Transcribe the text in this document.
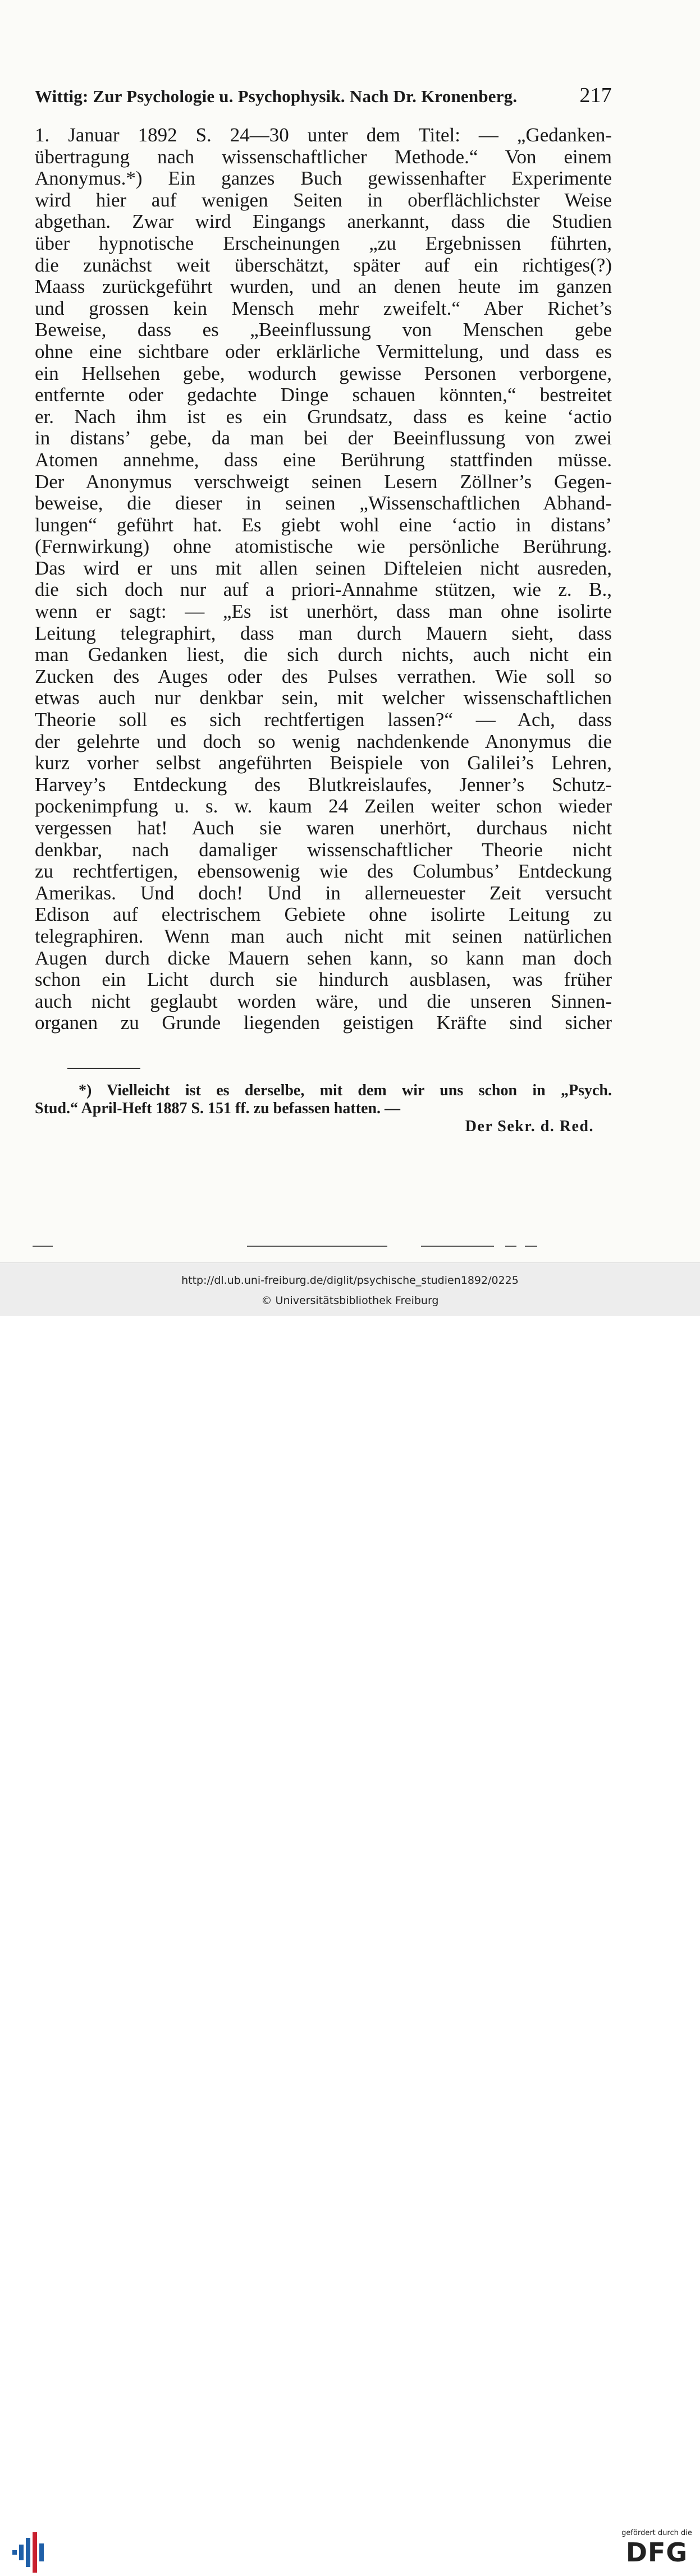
Wittig: Zur Psychologie u. Psychophysik. Nach Dr. Kronenberg.	217
1. Januar 1892 S. 24—30 unter dem Titel: — „Gedanken-
übertragung nach wissenschaftlicher Methode.“ Von einem
Anonymus.*) Ein ganzes Buch gewissenhafter Experimente
wird hier auf wenigen Seiten in oberflächlichster Weise
abgethan. Zwar wird Eingangs anerkannt, dass die Studien
über hypnotische Erscheinungen „zu Ergebnissen führten,
die zunächst weit überschätzt, später auf ein richtiges(?)
Maass zurückgeführt wurden, und an denen heute im ganzen
und grossen kein Mensch mehr zweifelt.“ Aber Richet’s
Beweise, dass es „Beeinflussung von Menschen gebe
ohne eine sichtbare oder erklärliche Vermittelung, und dass es
ein Hellsehen gebe, wodurch gewisse Personen verborgene,
entfernte oder gedachte Dinge schauen könnten,“ bestreitet
er. Nach ihm ist es ein Grundsatz, dass es keine ‘actio
in distans’ gebe, da man bei der Beeinflussung von zwei
Atomen annehme, dass eine Berührung stattfinden müsse.
Der Anonymus verschweigt seinen Lesern Zöllner’s Gegen-
beweise, die dieser in seinen „Wissenschaftlichen Abhand-
lungen“ geführt hat. Es giebt wohl eine ‘actio in distans’
(Fernwirkung) ohne atomistische wie persönliche Berührung.
Das wird er uns mit allen seinen Difteleien nicht ausreden,
die sich doch nur auf a priori-Annahme stützen, wie z. B.,
wenn er sagt: — „Es ist unerhört, dass man ohne isolirte
Leitung telegraphirt, dass man durch Mauern sieht, dass
man Gedanken liest, die sich durch nichts, auch nicht ein
Zucken des Auges oder des Pulses verrathen. Wie soll so
etwas auch nur denkbar sein, mit welcher wissenschaftlichen
Theorie soll es sich rechtfertigen lassen?“ — Ach, dass
der gelehrte und doch so wenig nachdenkende Anonymus die
kurz vorher selbst angeführten Beispiele von Galilei’s Lehren,
Harvey’s Entdeckung des Blutkreislaufes, Jenner’s Schutz-
pockenimpfung u. s. w. kaum 24 Zeilen weiter schon wieder
vergessen hat! Auch sie waren unerhört, durchaus nicht
denkbar, nach damaliger wissenschaftlicher Theorie nicht
zu rechtfertigen, ebensowenig wie des Columbus’ Entdeckung
Amerikas. Und doch! Und in allerneuester Zeit versucht
Edison auf electrischem Gebiete ohne isolirte Leitung zu
telegraphiren. Wenn man auch nicht mit seinen natürlichen
Augen durch dicke Mauern sehen kann, so kann man doch
schon ein Licht durch sie hindurch ausblasen, was früher
auch nicht geglaubt worden wäre, und die unseren Sinnen-
organen zu Grunde liegenden geistigen Kräfte sind sicher
*) Vielleicht ist es derselbe, mit dem wir uns schon in „Psych.
Stud.“ April-Heft 1887 S. 151 ff. zu befassen hatten. —
Der Sekr. d. Red.
gefördert durch die
DFG
http://dl.ub.uni-freiburg.de/diglit/psychische_studien1892/0225
© Universitätsbibliothek Freiburg
